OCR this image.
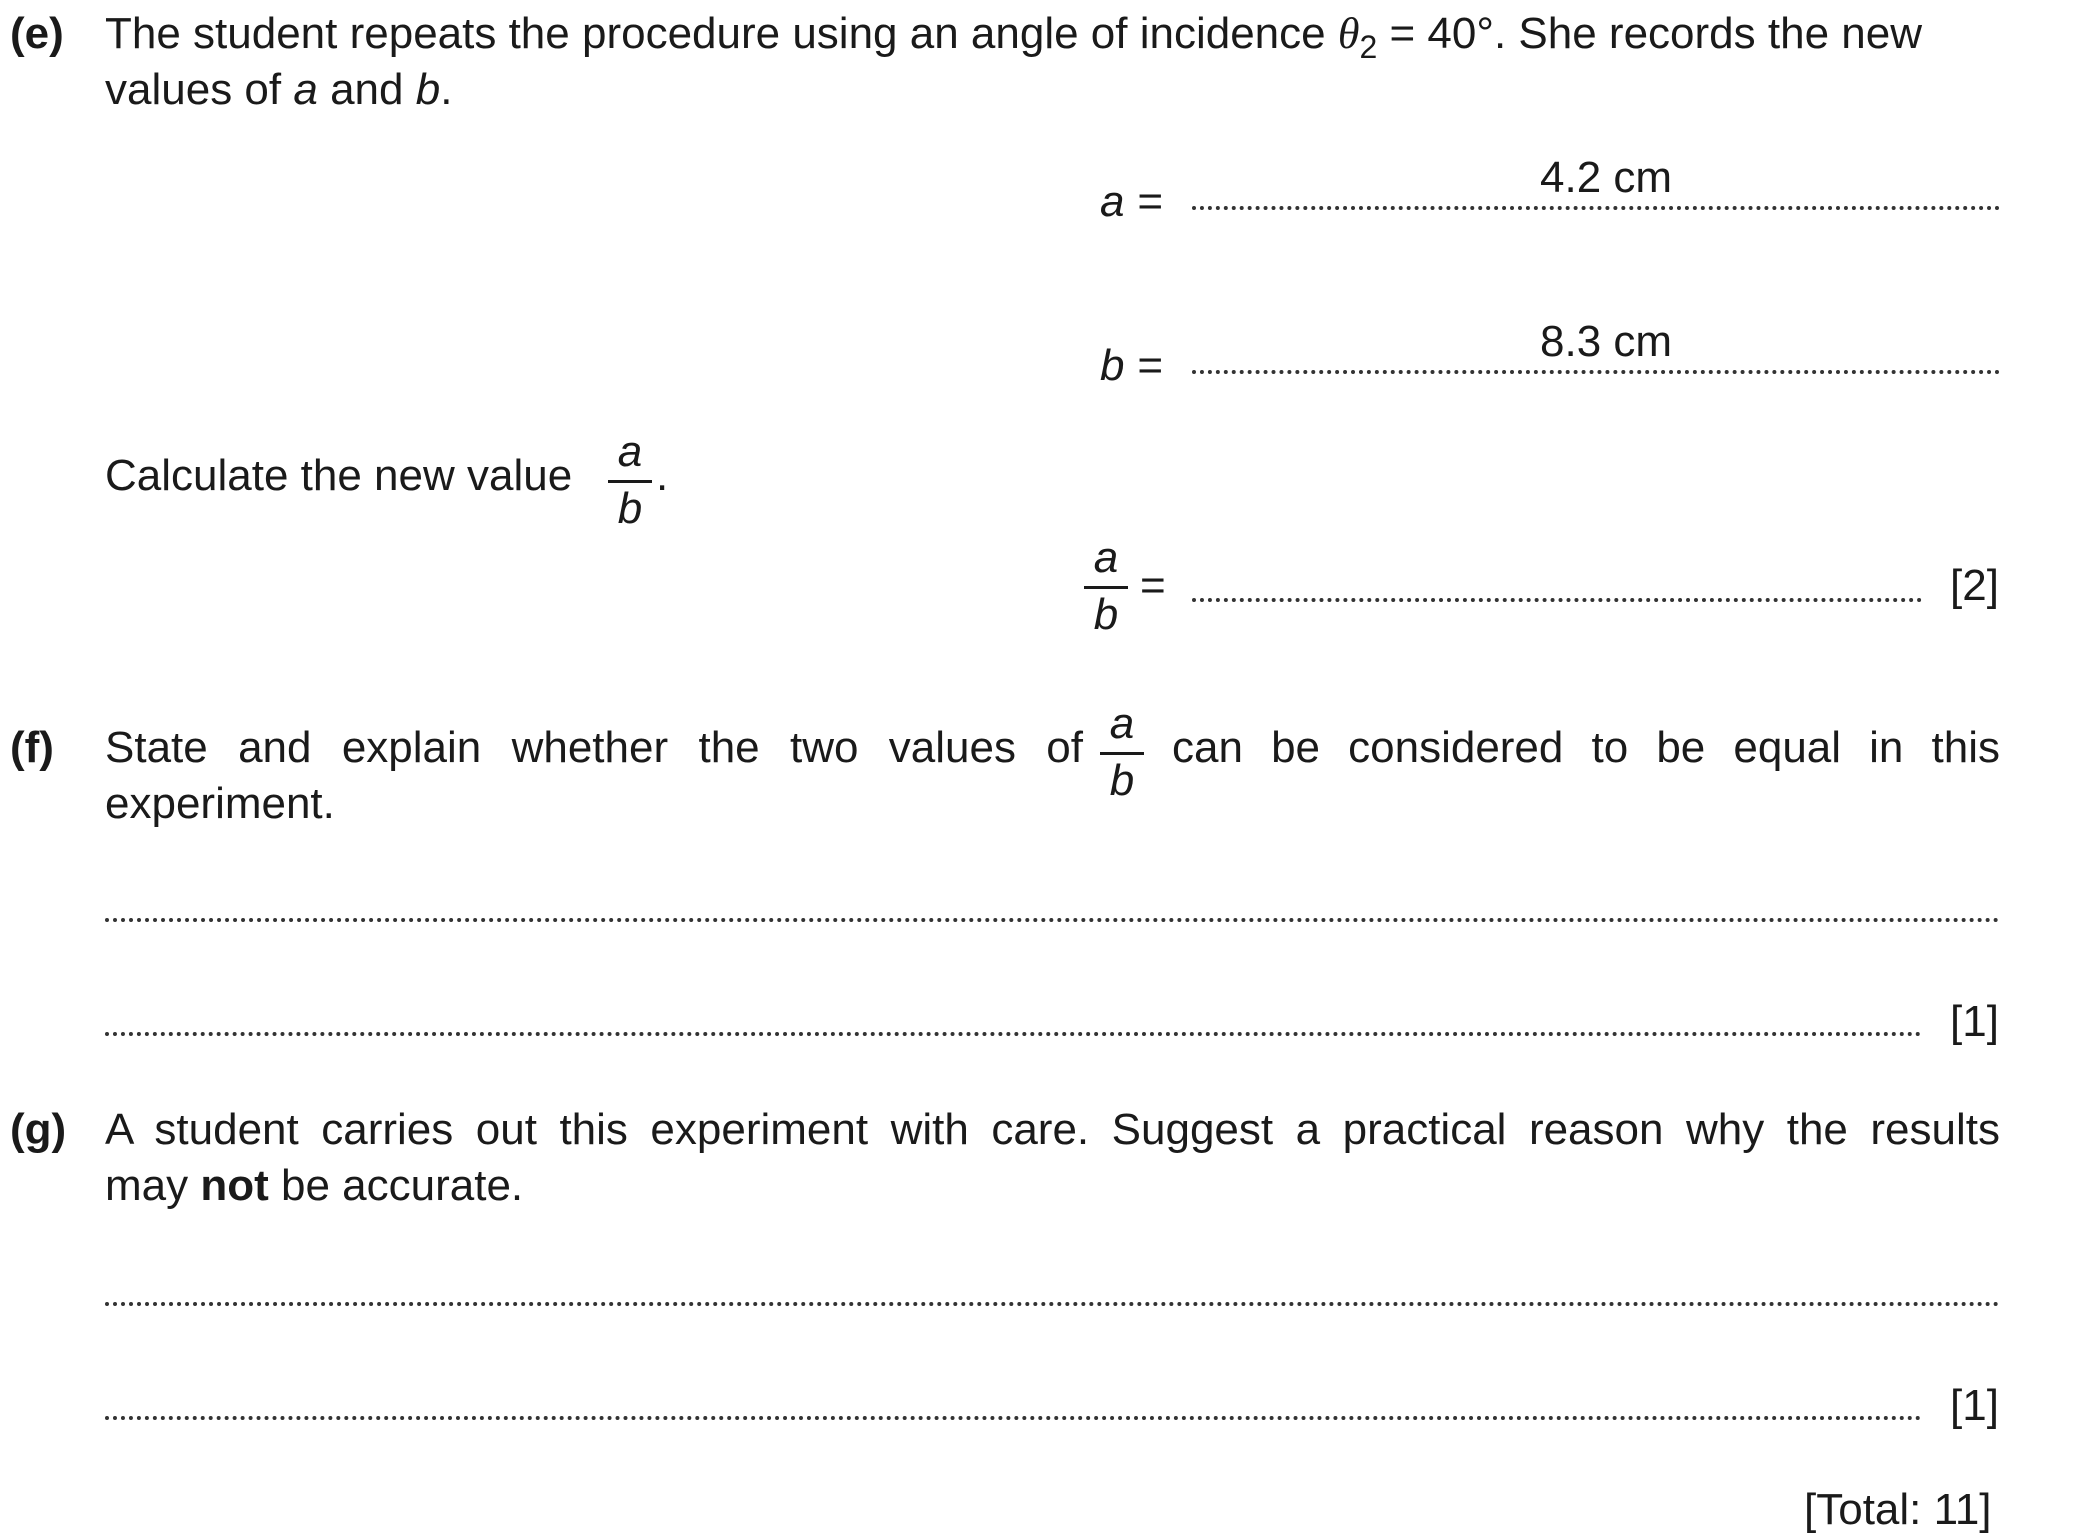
(e) The student repeats the procedure using an angle of incidence $\theta_2 = 40^\circ$. She records the new
values of a and b.
a =	4.2 cm
b =	8.3 cm
Calculate the new value a
b
.
a
b
=	[2]
(f) State and explain whether the two values of a
b
can be considered to be equal in this
experiment.
[1]
(g) A student carries out this experiment with care. Suggest a practical reason why the results
may not be accurate.
[1]
[Total: 11]
